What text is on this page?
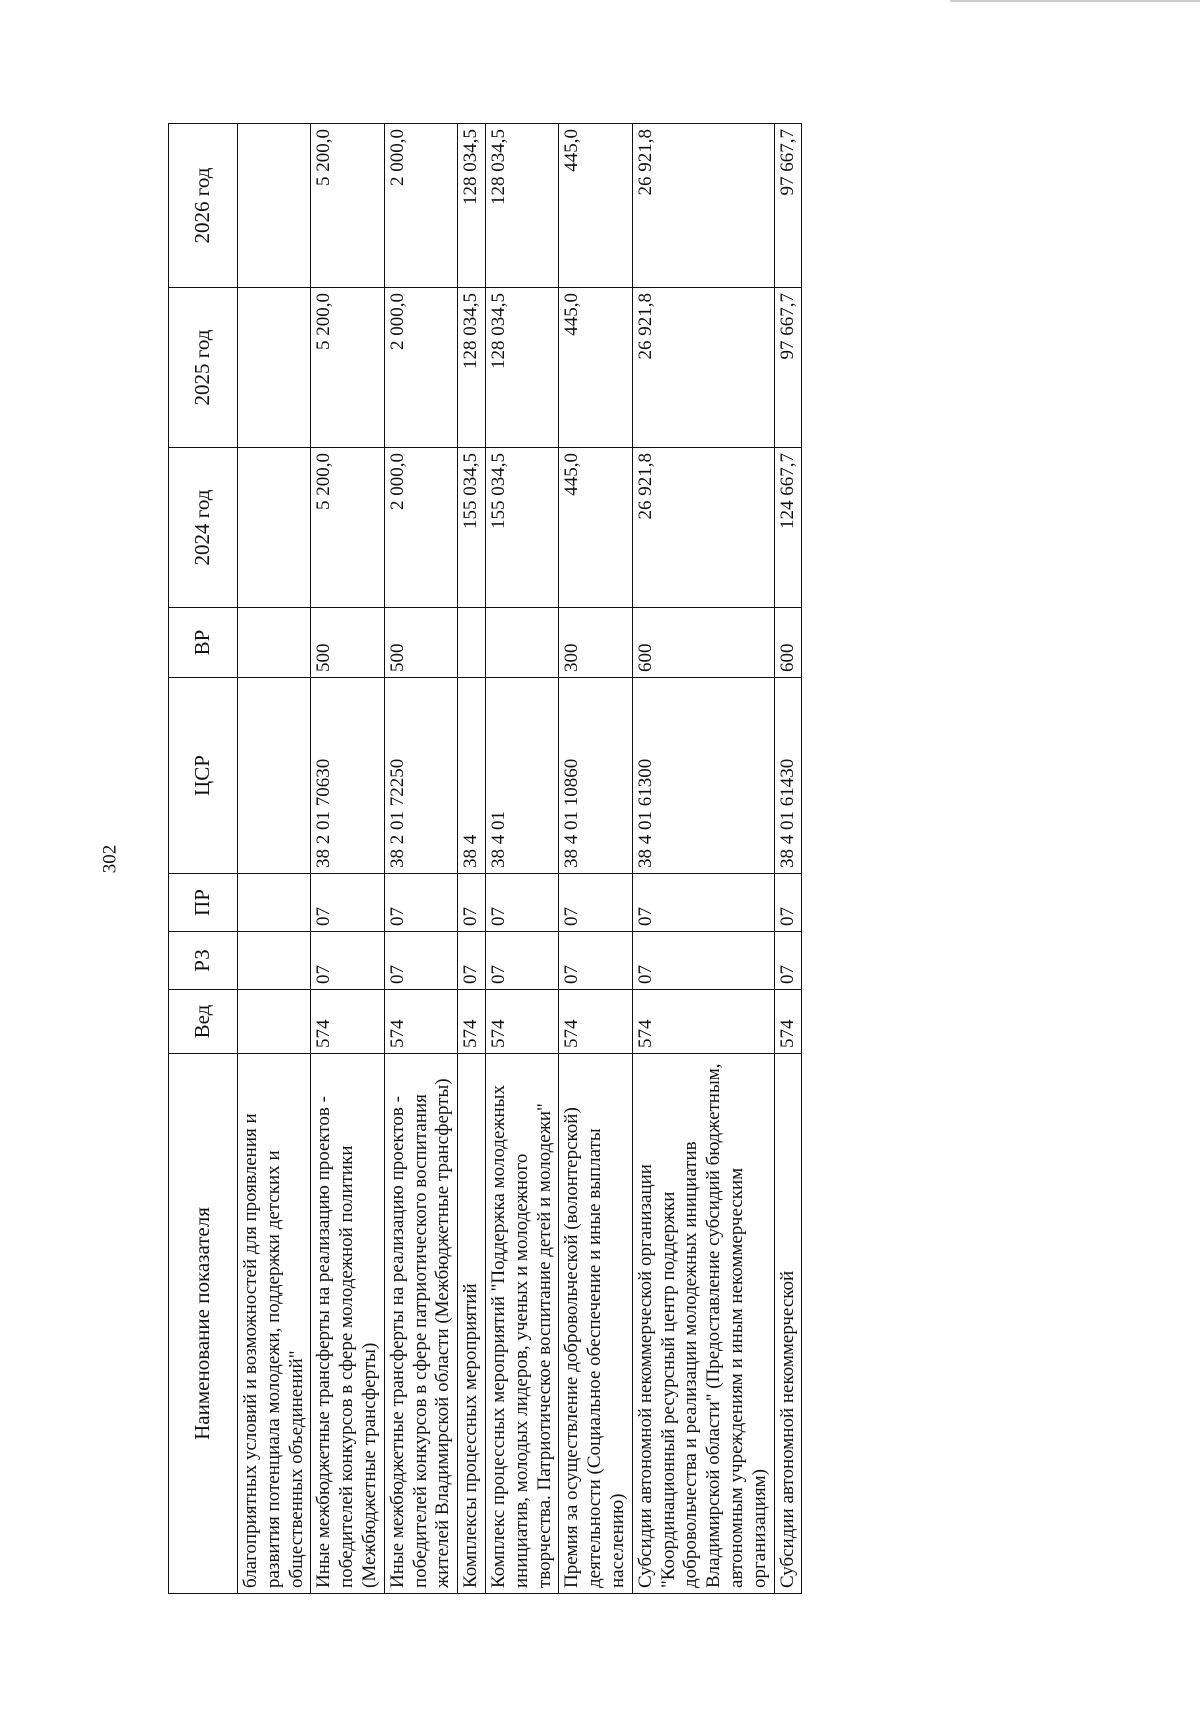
302
Наименование показателя	Вед	РЗ	ПР	ЦСР	ВР	2024 год	2025 год	2026 год
благоприятных условий и возможностей для проявления и развития потенциала молодежи, поддержки детских и общественных объединений"								
Иные межбюджетные трансферты на реализацию проектов - победителей конкурсов в сфере молодежной политики (Межбюджетные трансферты)	574	07	07	38 2 01 70630	500	5 200,0	5 200,0	5 200,0
Иные межбюджетные трансферты на реализацию проектов - победителей конкурсов в сфере патриотического воспитания жителей Владимирской области (Межбюджетные трансферты)	574	07	07	38 2 01 72250	500	2 000,0	2 000,0	2 000,0
Комплексы процессных мероприятий	574	07	07	38 4		155 034,5	128 034,5	128 034,5
Комплекс процессных мероприятий "Поддержка молодежных инициатив, молодых лидеров, ученых и молодежного творчества. Патриотическое воспитание детей и молодежи"	574	07	07	38 4 01		155 034,5	128 034,5	128 034,5
Премия за осуществление добровольческой (волонтерской) деятельности (Социальное обеспечение и иные выплаты населению)	574	07	07	38 4 01 10860	300	445,0	445,0	445,0
Субсидии автономной некоммерческой организации "Координационный ресурсный центр поддержки добровольчества и реализации молодежных инициатив Владимирской области" (Предоставление субсидий бюджетным, автономным учреждениям и иным некоммерческим организациям)	574	07	07	38 4 01 61300	600	26 921,8	26 921,8	26 921,8
Субсидии автономной некоммерческой	574	07	07	38 4 01 61430	600	124 667,7	97 667,7	97 667,7
